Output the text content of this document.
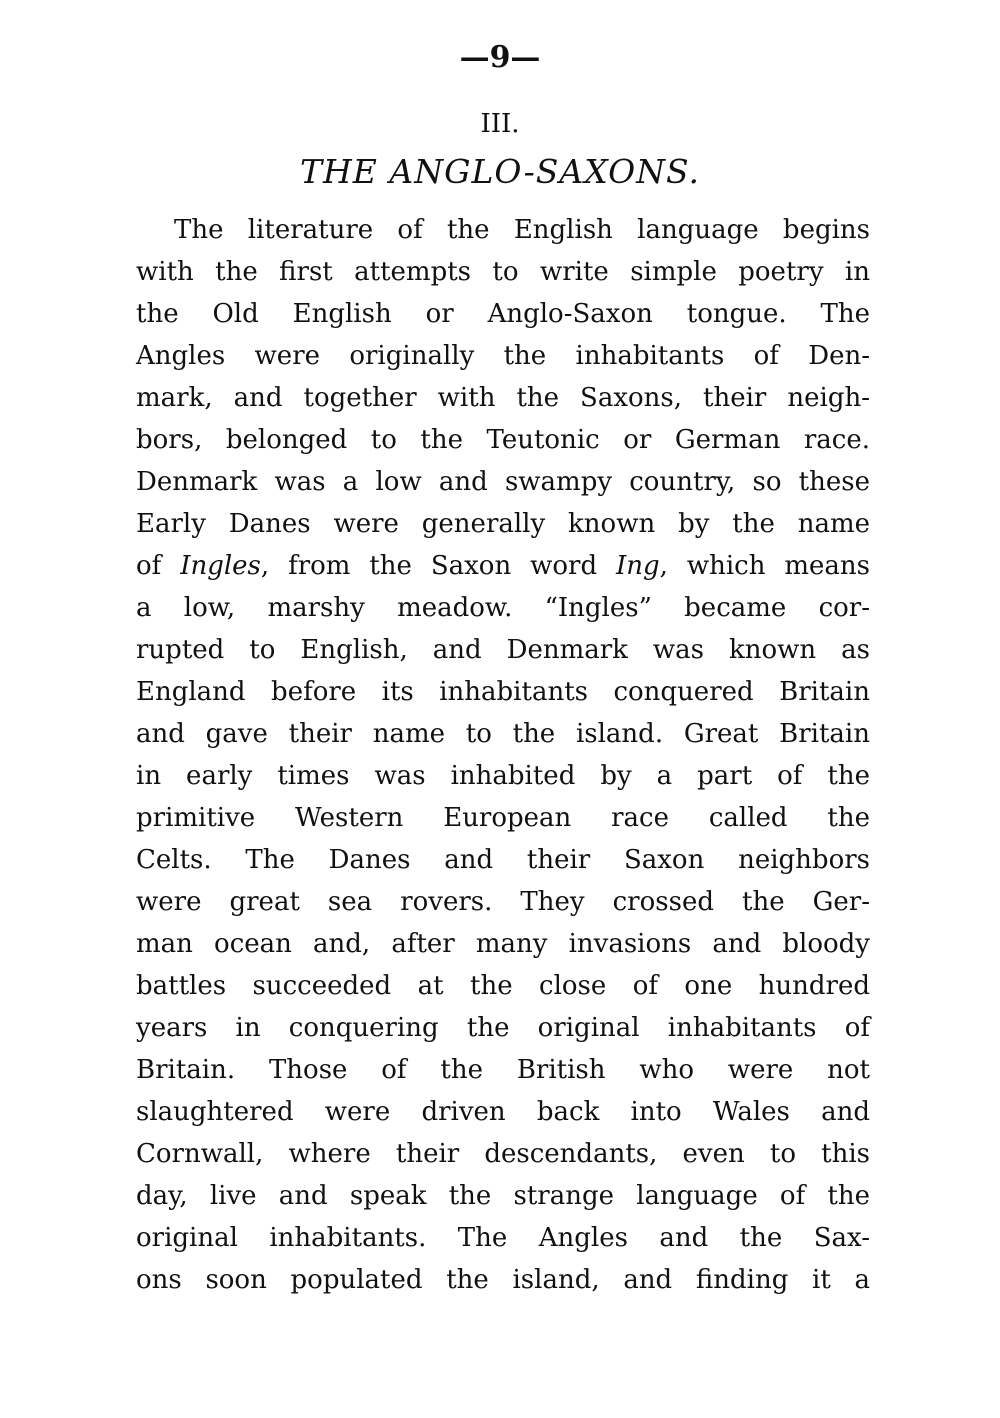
—9—
III.
THE ANGLO-SAXONS.
The literature of the English language begins
with the first attempts to write simple poetry in
the Old English or Anglo-Saxon tongue. The
Angles were originally the inhabitants of Den-
mark, and together with the Saxons, their neigh-
bors, belonged to the Teutonic or German race.
Denmark was a low and swampy country, so these
Early Danes were generally known by the name
of Ingles, from the Saxon word Ing, which means
a low, marshy meadow. “Ingles” became cor-
rupted to English, and Denmark was known as
England before its inhabitants conquered Britain
and gave their name to the island. Great Britain
in early times was inhabited by a part of the
primitive Western European race called the
Celts. The Danes and their Saxon neighbors
were great sea rovers. They crossed the Ger-
man ocean and, after many invasions and bloody
battles succeeded at the close of one hundred
years in conquering the original inhabitants of
Britain. Those of the British who were not
slaughtered were driven back into Wales and
Cornwall, where their descendants, even to this
day, live and speak the strange language of the
original inhabitants. The Angles and the Sax-
ons soon populated the island, and finding it a
